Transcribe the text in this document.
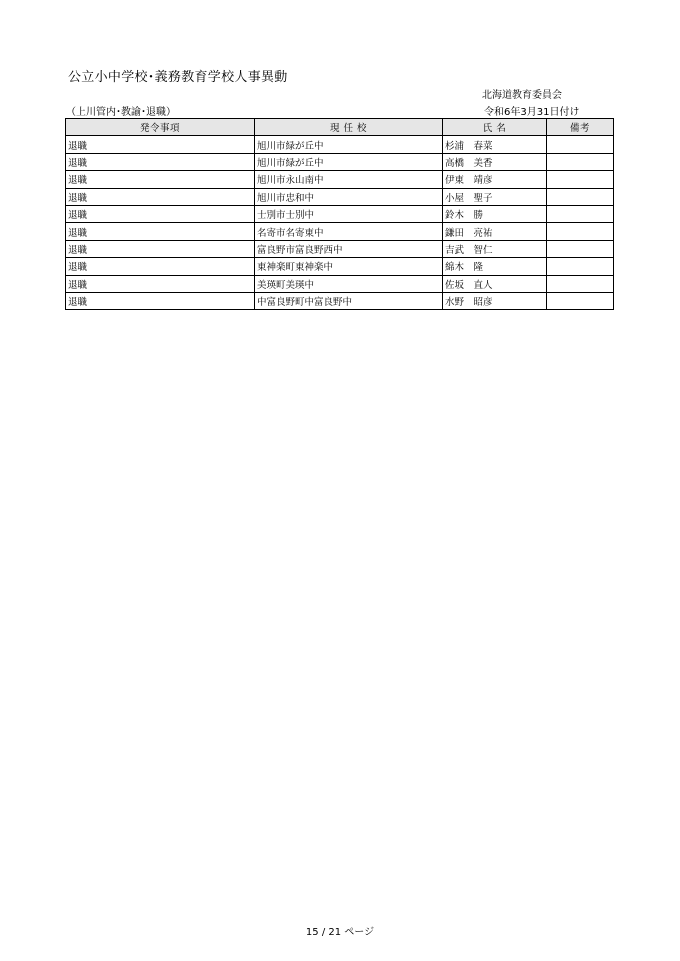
公立小中学校･義務教育学校人事異動
北海道教育委員会
（上川管内･教諭･退職）	令和6年3月31日付け
発令事項	現 任 校	氏 名	備考
退職	旭川市緑が丘中	杉浦　春菜	
退職	旭川市緑が丘中	高橋　美香	
退職	旭川市永山南中	伊東　靖彦	
退職	旭川市忠和中	小屋　聖子	
退職	士別市士別中	鈴木　勝	
退職	名寄市名寄東中	鎌田　亮祐	
退職	富良野市富良野西中	吉武　智仁	
退職	東神楽町東神楽中	綿木　隆	
退職	美瑛町美瑛中	佐坂　直人	
退職	中富良野町中富良野中	水野　昭彦	
15 / 21 ページ
